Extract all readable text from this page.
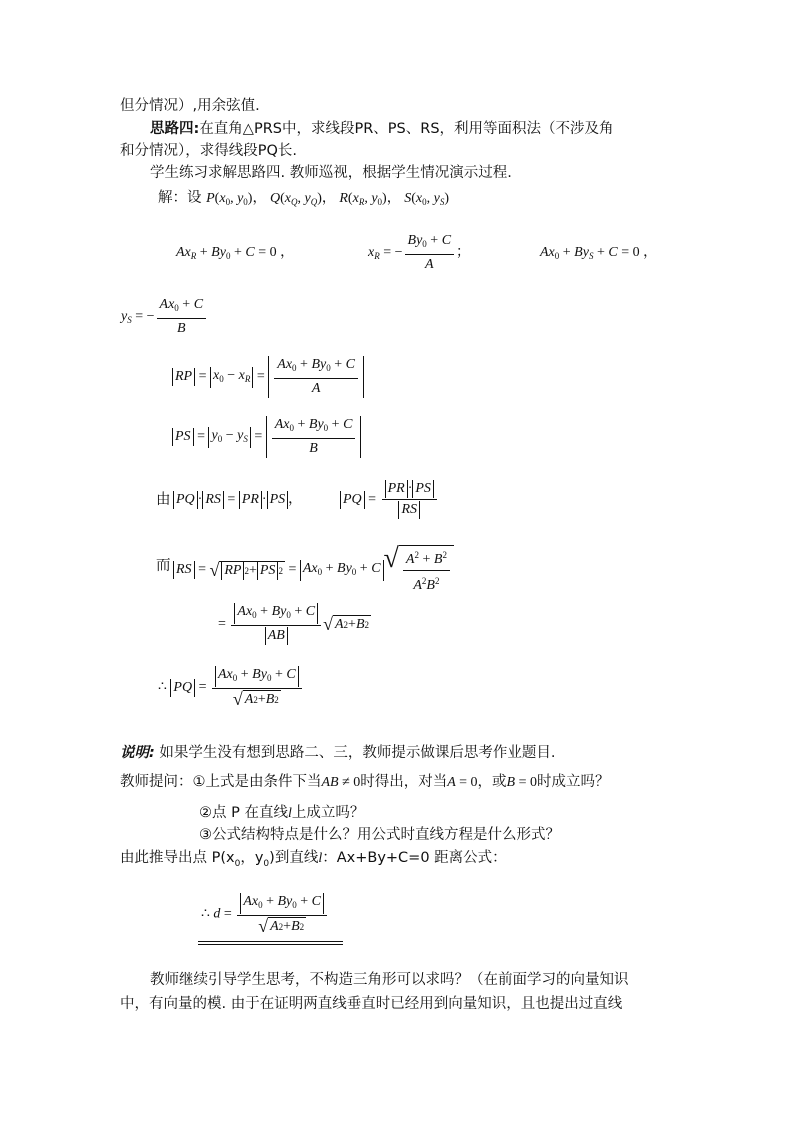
但分情况）,用余弦值.
思路四:在直角△PRS中，求线段PR、PS、RS，利用等面积法（不涉及角
和分情况），求得线段PQ长.
学生练习求解思路四. 教师巡视，根据学生情况演示过程.
解：设 $P(x_0$, $y_0$)， $Q(x_Q$, $y_Q$)， $R(x_R$, $y_0$)， $S(x_0$, $y_S$)
$Ax_R + By_0 + C = 0$ ，	$x_R$ = − $\frac{By_0 + C}{A}$ ；	$Ax_0 + By_S + C = 0$ ，
$y_S$ = − $\frac{Ax_0 + C}{B}$
RP = $x_0 - x_R = \frac{Ax_0 + By_0 + C}{A}$
PS = $y_0 - y_S = \frac{Ax_0 + By_0 + C}{B}$
由 PQ · RS = PR · PS ，	PQ = $\frac{PR \cdot PS}{RS}$
而 RS = √ RP 2 + PS $2 = Ax_0 + By_0 + C$ √ $\frac{A^2 + B^2}{A^2B^2}$
= $\frac{Ax_0 + By_0 + C}{AB}$ √ A 2 + B 2
∴ PQ = $\frac{Ax_0 + By_0 + C}{√ A 2 + B 2}$
说明: 如果学生没有想到思路二、三，教师提示做课后思考作业题目.
教师提问：①上式是由条件下当AB ≠ 0时得出，对当A = 0，或B = 0时成立吗？
②点 P 在直线l上成立吗？
③公式结构特点是什么？用公式时直线方程是什么形式？
由此推导出点 $P(x_0$，$y_0$)到直线l：Ax+By+C=0 距离公式：
∴ $d = \frac{Ax_0 + By_0 + C}{√ A 2 + B 2}$
教师继续引导学生思考，不构造三角形可以求吗？（在前面学习的向量知识
中，有向量的模. 由于在证明两直线垂直时已经用到向量知识，且也提出过直线
